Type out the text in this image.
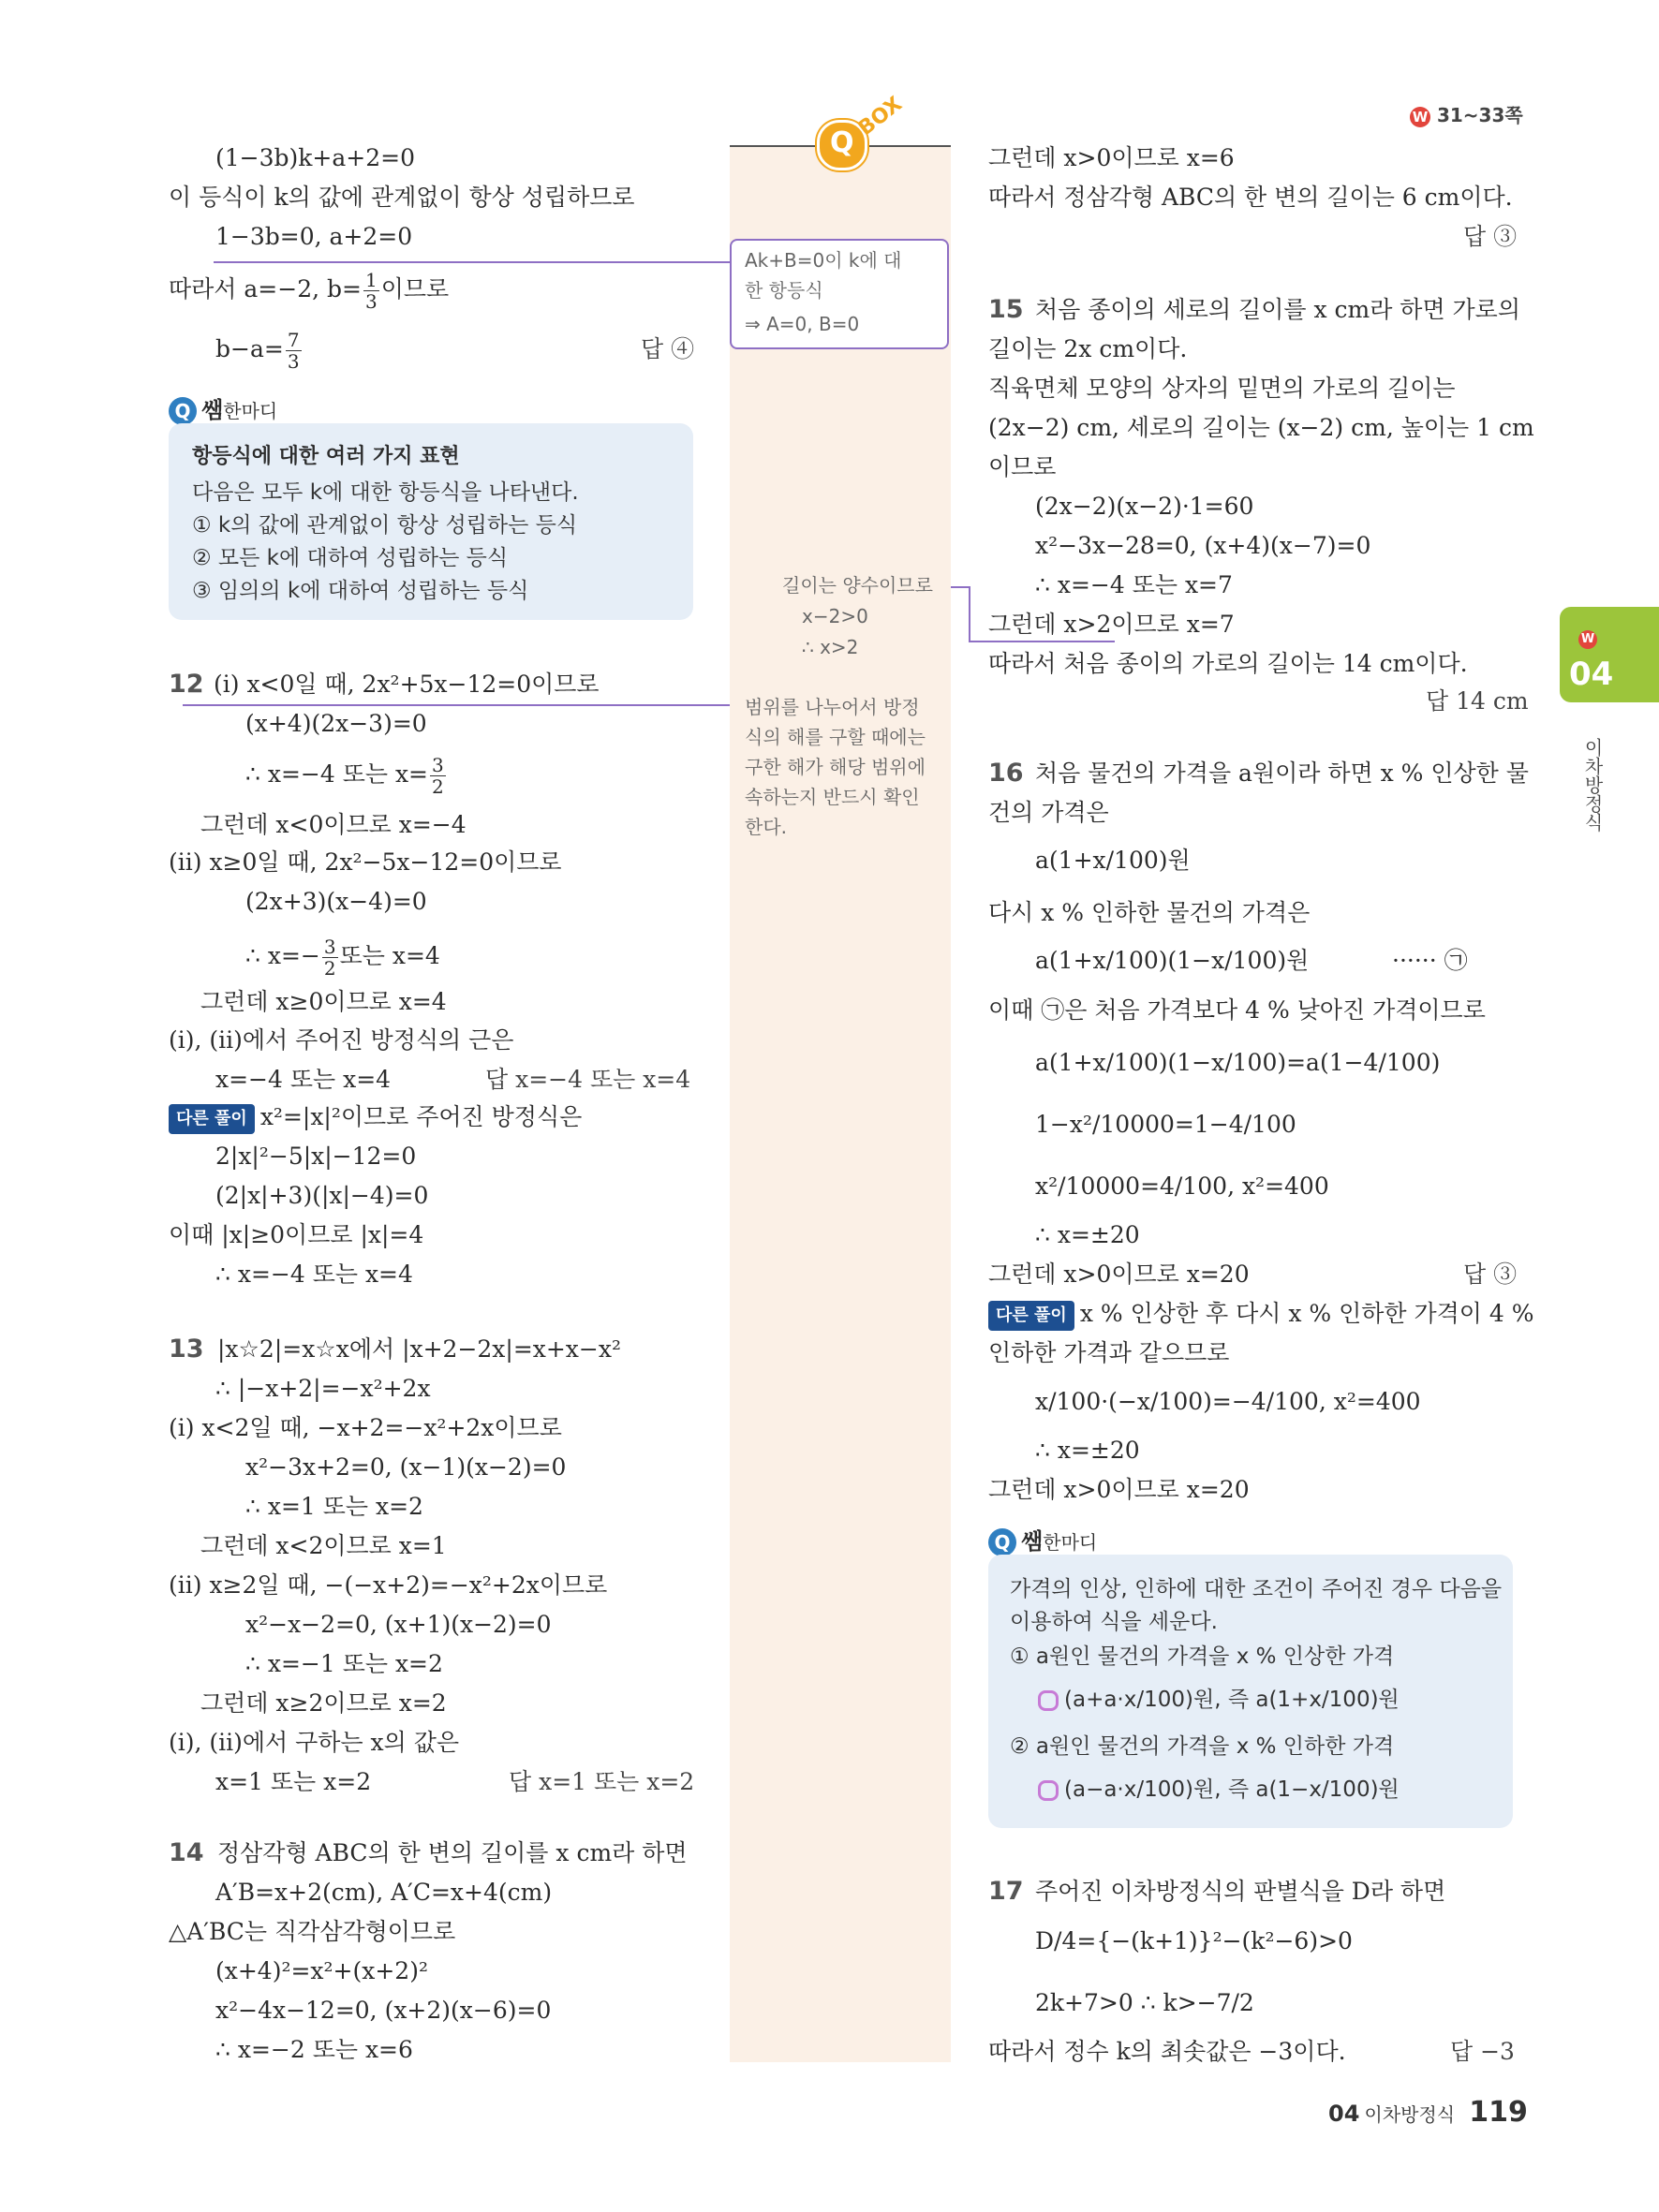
W 31~33쪽
Q
BOX
Ak+B=0이 k에 대
한 항등식
⇒ A=0, B=0
길이는 양수이므로
x−2>0
∴ x>2
범위를 나누어서 방정
식의 해를 구할 때에는
구한 해가 해당 범위에
속하는지 반드시 확인
한다.
(1−3b)k+a+2=0
이 등식이 k의 값에 관계없이 항상 성립하므로
1−3b=0, a+2=0
따라서 a=−2, $b= \frac{1}{3}$ 이므로
$b-a= \frac{7}{3}$	답 ④
Q 쌤한마디
항등식에 대한 여러 가지 표현
다음은 모두 k에 대한 항등식을 나타낸다.
① k의 값에 관계없이 항상 성립하는 등식
② 모든 k에 대하여 성립하는 등식
③ 임의의 k에 대하여 성립하는 등식
12 (i) x<0일 때, 2x²+5x−12=0이므로
(x+4)(2x−3)=0
∴ x=−4 또는 $x= \frac{3}{2}$
그런데 x<0이므로 x=−4
(ii) x≥0일 때, 2x²−5x−12=0이므로
(2x+3)(x−4)=0
∴ $x=- \frac{3}{2}$ 또는 x=4
그런데 x≥0이므로 x=4
(i), (ii)에서 주어진 방정식의 근은
x=−4 또는 x=4	답 x=−4 또는 x=4
다른 풀이 x²=|x|²이므로 주어진 방정식은
2|x|²−5|x|−12=0
(2|x|+3)(|x|−4)=0
이때 |x|≥0이므로 |x|=4
∴ x=−4 또는 x=4
13 |x☆2|=x☆x에서 |x+2−2x|=x+x−x²
∴ |−x+2|=−x²+2x
(i) x<2일 때, −x+2=−x²+2x이므로
x²−3x+2=0, (x−1)(x−2)=0
∴ x=1 또는 x=2
그런데 x<2이므로 x=1
(ii) x≥2일 때, −(−x+2)=−x²+2x이므로
x²−x−2=0, (x+1)(x−2)=0
∴ x=−1 또는 x=2
그런데 x≥2이므로 x=2
(i), (ii)에서 구하는 x의 값은
x=1 또는 x=2	답 x=1 또는 x=2
14 정삼각형 ABC의 한 변의 길이를 x cm라 하면
A′B=x+2(cm), A′C=x+4(cm)
△A′BC는 직각삼각형이므로
(x+4)²=x²+(x+2)²
x²−4x−12=0, (x+2)(x−6)=0
∴ x=−2 또는 x=6
그런데 x>0이므로 x=6
따라서 정삼각형 ABC의 한 변의 길이는 6 cm이다.
답 ③
15 처음 종이의 세로의 길이를 x cm라 하면 가로의
길이는 2x cm이다.
직육면체 모양의 상자의 밑면의 가로의 길이는
(2x−2) cm, 세로의 길이는 (x−2) cm, 높이는 1 cm
이므로
(2x−2)(x−2)·1=60
x²−3x−28=0, (x+4)(x−7)=0
∴ x=−4 또는 x=7
그런데 x>2이므로 x=7
따라서 처음 종이의 가로의 길이는 14 cm이다.
답 14 cm
16 처음 물건의 가격을 a원이라 하면 x % 인상한 물
건의 가격은
a(1+x/100)원
다시 x % 인하한 물건의 가격은
a(1+x/100)(1−x/100)원	······ ㉠
이때 ㉠은 처음 가격보다 4 % 낮아진 가격이므로
a(1+x/100)(1−x/100)=a(1−4/100)
1−x²/10000=1−4/100
x²/10000=4/100, x²=400
∴ x=±20
그런데 x>0이므로 x=20	답 ③
다른 풀이 x % 인상한 후 다시 x % 인하한 가격이 4 %
인하한 가격과 같으므로
x/100·(−x/100)=−4/100, x²=400
∴ x=±20
그런데 x>0이므로 x=20
Q 쌤한마디
가격의 인상, 인하에 대한 조건이 주어진 경우 다음을
이용하여 식을 세운다.
① a원인 물건의 가격을 x % 인상한 가격
(a+a·x/100)원, 즉 a(1+x/100)원
② a원인 물건의 가격을 x % 인하한 가격
(a−a·x/100)원, 즉 a(1−x/100)원
17 주어진 이차방정식의 판별식을 D라 하면
D/4={−(k+1)}²−(k²−6)>0
2k+7>0 ∴ k>−7/2
따라서 정수 k의 최솟값은 −3이다.	답 −3
W
04
이차방정식
04 이차방정식 119
